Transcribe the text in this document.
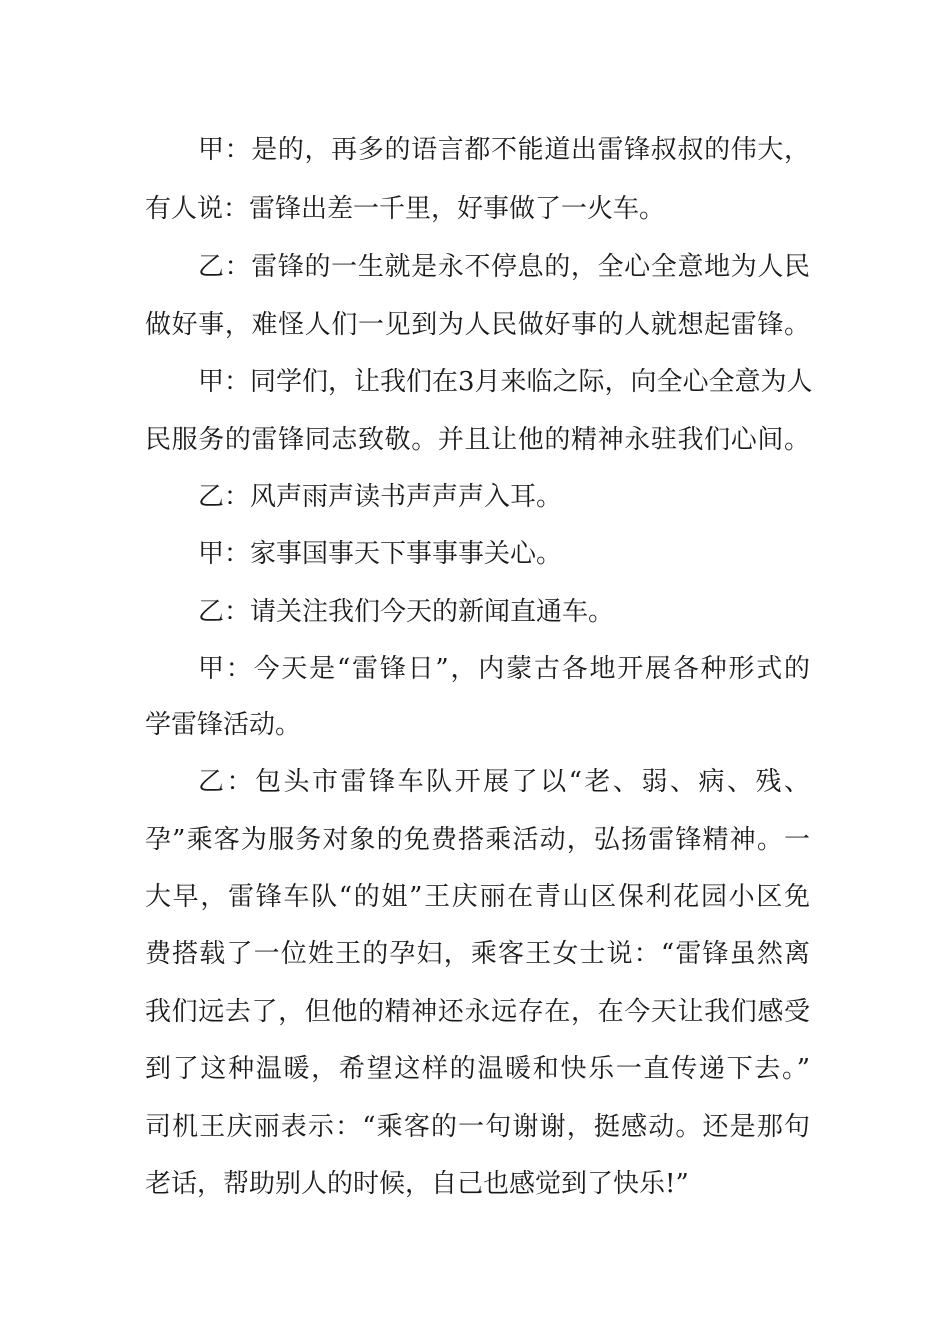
甲：是的，再多的语言都不能道出雷锋叔叔的伟大，
有人说：雷锋出差一千里，好事做了一火车。
乙：雷锋的一生就是永不停息的，全心全意地为人民
做好事，难怪人们一见到为人民做好事的人就想起雷锋。
甲：同学们，让我们在3月来临之际，向全心全意为人
民服务的雷锋同志致敬。并且让他的精神永驻我们心间。
乙：风声雨声读书声声声入耳。
甲：家事国事天下事事事关心。
乙：请关注我们今天的新闻直通车。
甲：今天是“雷锋日”，内蒙古各地开展各种形式的
学雷锋活动。
乙：包头市雷锋车队开展了以“老、弱、病、残、
孕”乘客为服务对象的免费搭乘活动，弘扬雷锋精神。一
大早，雷锋车队“的姐”王庆丽在青山区保利花园小区免
费搭载了一位姓王的孕妇，乘客王女士说：“雷锋虽然离
我们远去了，但他的精神还永远存在，在今天让我们感受
到了这种温暖，希望这样的温暖和快乐一直传递下去。”
司机王庆丽表示：“乘客的一句谢谢，挺感动。还是那句
老话，帮助别人的时候，自己也感觉到了快乐!”
